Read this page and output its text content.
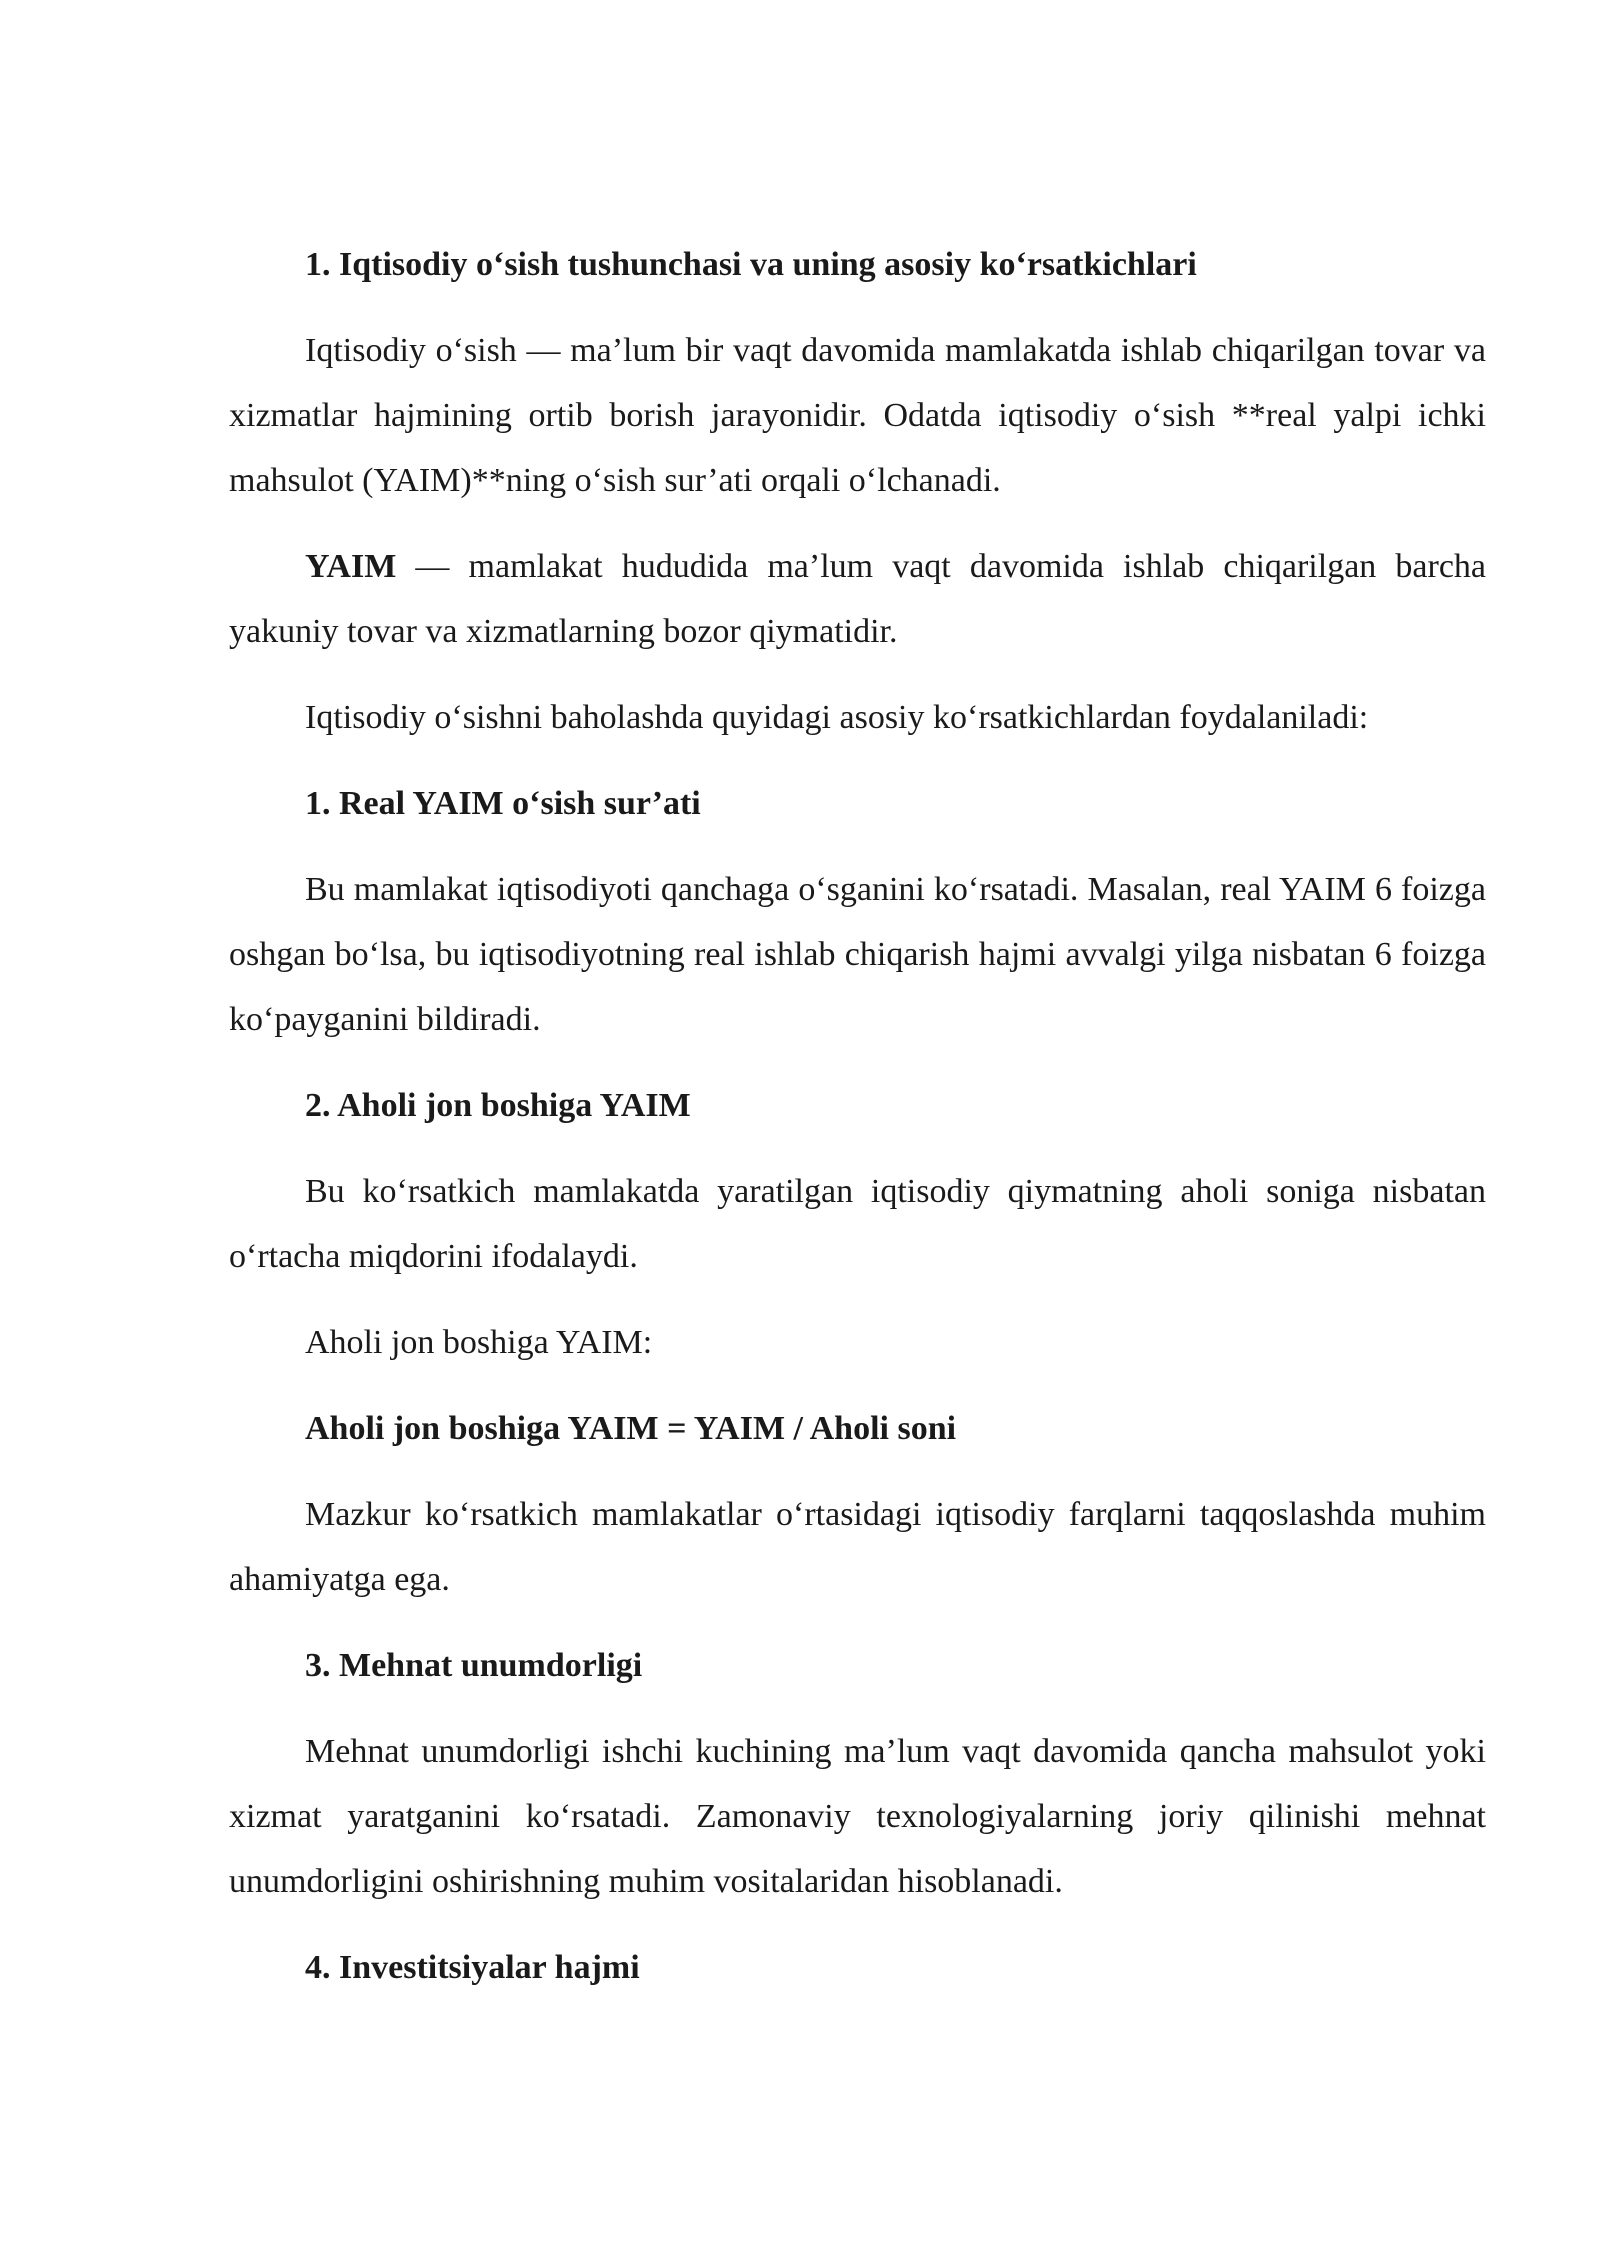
1. Iqtisodiy o‘sish tushunchasi va uning asosiy ko‘rsatkichlari

Iqtisodiy o‘sish — ma’lum bir vaqt davomida mamlakatda ishlab chiqarilgan tovar va xizmatlar hajmining ortib borish jarayonidir. Odatda iqtisodiy o‘sish **real yalpi ichki mahsulot (YAIM)**ning o‘sish sur’ati orqali o‘lchanadi.

YAIM — mamlakat hududida ma’lum vaqt davomida ishlab chiqarilgan barcha yakuniy tovar va xizmatlarning bozor qiymatidir.

Iqtisodiy o‘sishni baholashda quyidagi asosiy ko‘rsatkichlardan foydalaniladi:

1. Real YAIM o‘sish sur’ati

Bu mamlakat iqtisodiyoti qanchaga o‘sganini ko‘rsatadi. Masalan, real YAIM 6 foizga oshgan bo‘lsa, bu iqtisodiyotning real ishlab chiqarish hajmi avvalgi yilga nisbatan 6 foizga ko‘payganini bildiradi.

2. Aholi jon boshiga YAIM

Bu ko‘rsatkich mamlakatda yaratilgan iqtisodiy qiymatning aholi soniga nisbatan o‘rtacha miqdorini ifodalaydi.

Aholi jon boshiga YAIM:

Aholi jon boshiga YAIM = YAIM / Aholi soni

Mazkur ko‘rsatkich mamlakatlar o‘rtasidagi iqtisodiy farqlarni taqqoslashda muhim ahamiyatga ega.

3. Mehnat unumdorligi

Mehnat unumdorligi ishchi kuchining ma’lum vaqt davomida qancha mahsulot yoki xizmat yaratganini ko‘rsatadi. Zamonaviy texnologiyalarning joriy qilinishi mehnat unumdorligini oshirishning muhim vositalaridan hisoblanadi.

4. Investitsiyalar hajmi
